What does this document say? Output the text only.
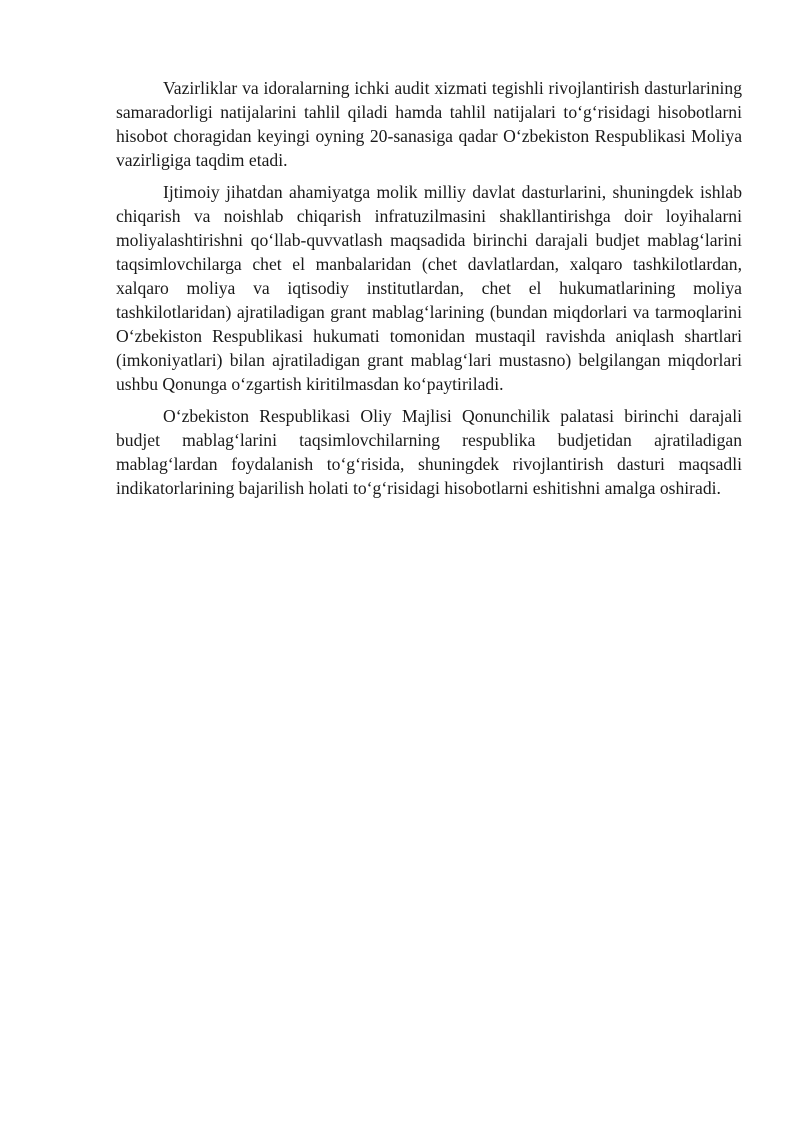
Vazirliklar va idoralarning ichki audit xizmati tegishli rivojlantirish dasturlarining samaradorligi natijalarini tahlil qiladi hamda tahlil natijalari to‘g‘risidagi hisobotlarni hisobot choragidan keyingi oyning 20-sanasiga qadar O‘zbekiston Respublikasi Moliya vazirligiga taqdim etadi.

Ijtimoiy jihatdan ahamiyatga molik milliy davlat dasturlarini, shuningdek ishlab chiqarish va noishlab chiqarish infratuzilmasini shakllantirishga doir loyihalarni moliyalashtirishni qo‘llab-quvvatlash maqsadida birinchi darajali budjet mablag‘larini taqsimlovchilarga chet el manbalaridan (chet davlatlardan, xalqaro tashkilotlardan, xalqaro moliya va iqtisodiy institutlardan, chet el hukumatlarining moliya tashkilotlaridan) ajratiladigan grant mablag‘larining (bundan miqdorlari va tarmoqlarini O‘zbekiston Respublikasi hukumati tomonidan mustaqil ravishda aniqlash shartlari (imkoniyatlari) bilan ajratiladigan grant mablag‘lari mustasno) belgilangan miqdorlari ushbu Qonunga o‘zgartish kiritilmasdan ko‘paytiriladi.

O‘zbekiston Respublikasi Oliy Majlisi Qonunchilik palatasi birinchi darajali budjet mablag‘larini taqsimlovchilarning respublika budjetidan ajratiladigan mablag‘lardan foydalanish to‘g‘risida, shuningdek rivojlantirish dasturi maqsadli indikatorlarining bajarilish holati to‘g‘risidagi hisobotlarni eshitishni amalga oshiradi.
